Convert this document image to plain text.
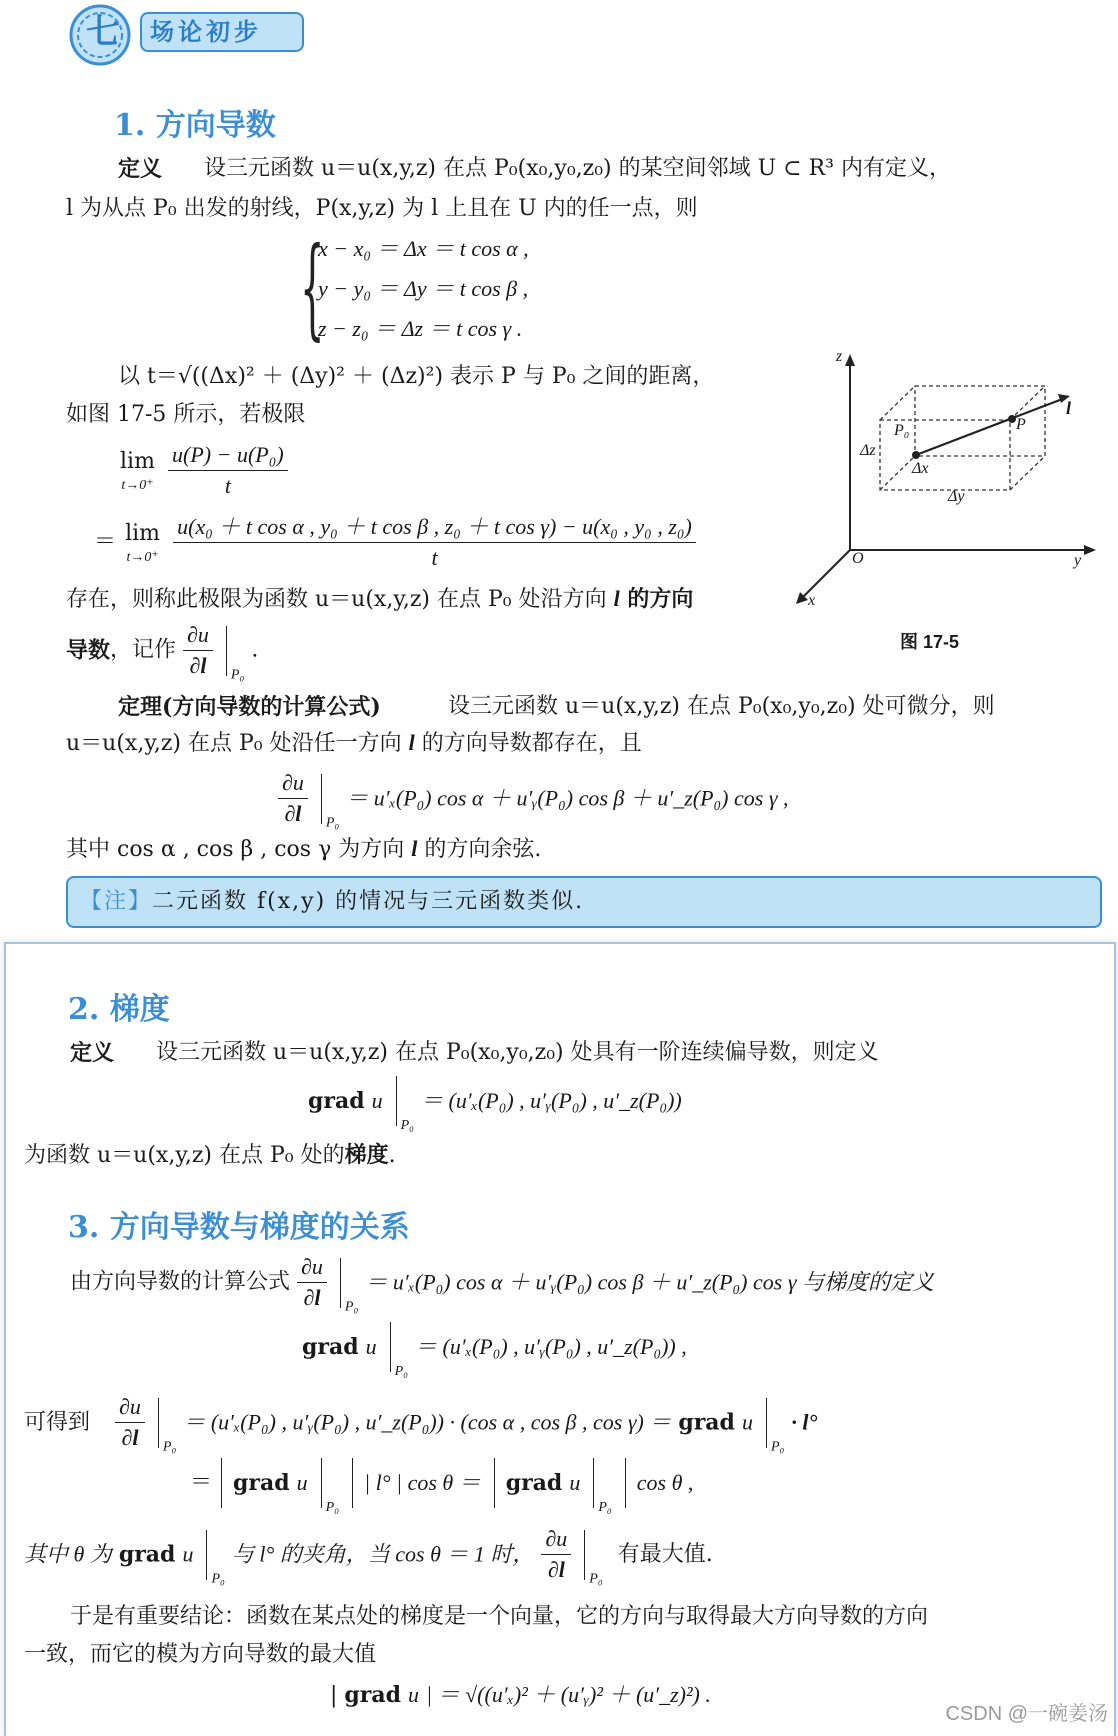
七	场论初步
1. 方向导数
定义 设三元函数 u＝u(x,y,z) 在点 P₀(x₀,y₀,z₀) 的某空间邻域 U ⊂ R³ 内有定义，
l 为从点 P₀ 出发的射线，P(x,y,z) 为 l 上且在 U 内的任一点，则
{
x − x₀ ＝ Δx ＝ t cos α ,
y − y₀ ＝ Δy ＝ t cos β ,
z − z₀ ＝ Δz ＝ t cos γ .
以 t＝√((Δx)² ＋ (Δy)² ＋ (Δz)²) 表示 P 与 P₀ 之间的距离，
如图 17-5 所示，若极限
lim
t→0⁺
$\frac{\text{u(P) − u(P₀)}}{t}$
＝ lim
t→0⁺

u(x₀ ＋ t cos α , y₀ ＋ t cos β , z₀ ＋ t cos γ) − u(x₀ , y₀ , z₀)
t
存在，则称此极限为函数 u＝u(x,y,z) 在点 P₀ 处沿方向 l 的方向
导数，记作 $\frac{\partial u}{\partial l} _{P_0}$ .
z
y
x
O
P₀	P
l
Δx
Δy
Δz
图 17-5
定理(方向导数的计算公式)	设三元函数 u＝u(x,y,z) 在点 P₀(x₀,y₀,z₀) 处可微分，则
u＝u(x,y,z) 在点 P₀ 处沿任一方向 l 的方向导数都存在，且
$\frac{\partial u}{\partial l} _{P_0} = u'_x(P_0)$ cos α ＋ u′ᵧ(P₀) cos β ＋ u′_z(P₀) cos γ ,
其中 cos α , cos β , cos γ 为方向 l 的方向余弦.
【注】二元函数 f(x,y) 的情况与三元函数类似.
2. 梯度
定义 设三元函数 u＝u(x,y,z) 在点 P₀(x₀,y₀,z₀) 处具有一阶连续偏导数，则定义
grad u $_{P_0}$ ＝ (u′ₓ(P₀) , u′ᵧ(P₀) , u′_z(P₀))
为函数 u＝u(x,y,z) 在点 P₀ 处的梯度.
3. 方向导数与梯度的关系
由方向导数的计算公式 $\frac{\partial u}{\partial l} _{P_0} = u'_x(P_0)$ cos α ＋ u′ᵧ(P₀) cos β ＋ u′_z(P₀) cos γ 与梯度的定义
grad u $_{P_0}$ ＝ (u′ₓ(P₀) , u′ᵧ(P₀) , u′_z(P₀)) ,
可得到 $\frac{\partial u}{\partial l} _{P_0} = (u'_x(P_0)$ , u′ᵧ(P₀) , u′_z(P₀)) · (cos α , cos β , cos γ) ＝ grad u $_{P_0}$ · l°
＝ grad u $_{P_0}$  | l° | cos θ ＝ grad u $_{P_0}$  cos θ ,
其中 θ 为 grad u $_{P_0}$ 与 l° 的夹角，当 cos θ ＝ 1 时， $\frac{\partial u}{\partial l} _{P_0}$ 有最大值.
于是有重要结论：函数在某点处的梯度是一个向量，它的方向与取得最大方向导数的方向
一致，而它的模为方向导数的最大值
| grad u | ＝ √((u′ₓ)² ＋ (u′ᵧ)² ＋ (u′_z)²) .
CSDN @一碗姜汤
